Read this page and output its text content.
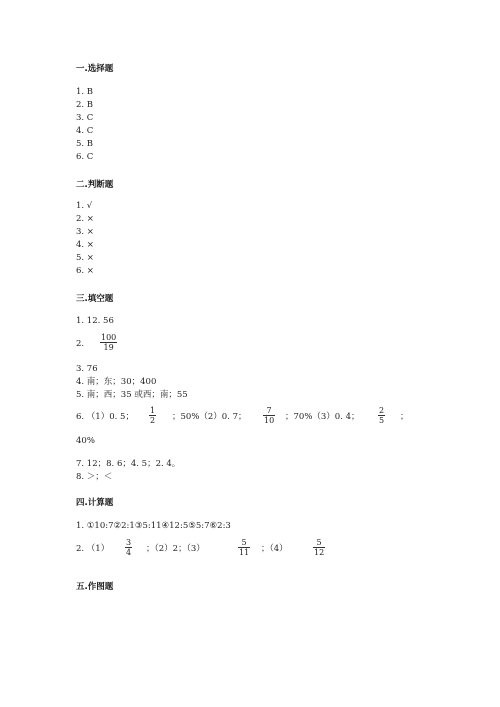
一.选择题
1. B
2. B
3. C
4. C
5. B
6. C
二.判断题
1. √
2. ×
3. ×
4. ×
5. ×
6. ×
三.填空题
1. 12. 56
2. $\frac{100}{19}$
3. 76
4. 南；东；30；400
5. 南；西；35 或西；南；55
6. （1）0. 5； $\frac{1}{2}$ ；50%（2）0. 7； $\frac{7}{10}$ ；70%（3）0. 4； $\frac{2}{5}$ ；
40%
7. 12；8. 6；4. 5；2. 4。
8. ＞；＜
四.计算题
1. ①10:7②2:1③5:11④12:5⑤5:7⑥2:3
2. $(1) \frac{3}{4}$ ；（2）2；（3）	$\frac{5}{11}$ ；（4）	$\frac{5}{12}$
五.作图题
